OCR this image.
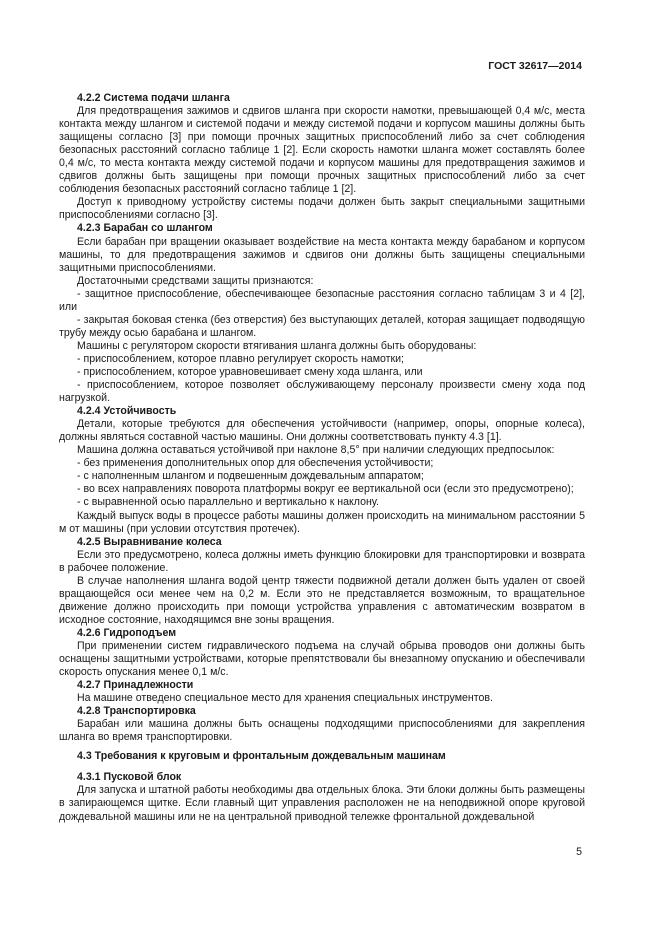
ГОСТ 32617—2014
4.2.2 Система подачи шланга
Для предотвращения зажимов и сдвигов шланга при скорости намотки, превышающей 0,4 м/с, места контакта между шлангом и системой подачи и между системой подачи и корпусом машины должны быть защищены согласно [3] при помощи прочных защитных приспособлений либо за счет соблюдения безопасных расстояний согласно таблице 1 [2]. Если скорость намотки шланга может составлять более 0,4 м/с, то места контакта между системой подачи и корпусом машины для предотвращения зажимов и сдвигов должны быть защищены при помощи прочных защитных приспособлений либо за счет соблюдения безопасных расстояний согласно таблице 1 [2].
Доступ к приводному устройству системы подачи должен быть закрыт специальными защитными приспособлениями согласно [3].
4.2.3 Барабан со шлангом
Если барабан при вращении оказывает воздействие на места контакта между барабаном и корпусом машины, то для предотвращения зажимов и сдвигов они должны быть защищены специальными защитными приспособлениями.
Достаточными средствами защиты признаются:
- защитное приспособление, обеспечивающее безопасные расстояния согласно таблицам 3 и 4 [2], или
- закрытая боковая стенка (без отверстия) без выступающих деталей, которая защищает подводящую трубу между осью барабана и шлангом.
Машины с регулятором скорости втягивания шланга должны быть оборудованы:
- приспособлением, которое плавно регулирует скорость намотки;
- приспособлением, которое уравновешивает смену хода шланга, или
- приспособлением, которое позволяет обслуживающему персоналу произвести смену хода под нагрузкой.
4.2.4 Устойчивость
Детали, которые требуются для обеспечения устойчивости (например, опоры, опорные колеса), должны являться составной частью машины. Они должны соответствовать пункту 4.3 [1].
Машина должна оставаться устойчивой при наклоне 8,5° при наличии следующих предпосылок:
- без применения дополнительных опор для обеспечения устойчивости;
- с наполненным шлангом и подвешенным дождевальным аппаратом;
- во всех направлениях поворота платформы вокруг ее вертикальной оси (если это предусмотрено);
- с выравненной осью параллельно и вертикально к наклону.
Каждый выпуск воды в процессе работы машины должен происходить на минимальном расстоянии 5 м от машины (при условии отсутствия протечек).
4.2.5 Выравнивание колеса
Если это предусмотрено, колеса должны иметь функцию блокировки для транспортировки и возврата в рабочее положение.
В случае наполнения шланга водой центр тяжести подвижной детали должен быть удален от своей вращающейся оси менее чем на 0,2 м. Если это не представляется возможным, то вращательное движение должно происходить при помощи устройства управления с автоматическим возвратом в исходное состояние, находящимся вне зоны вращения.
4.2.6 Гидроподъем
При применении систем гидравлического подъема на случай обрыва проводов они должны быть оснащены защитными устройствами, которые препятствовали бы внезапному опусканию и обеспечивали скорость опускания менее 0,1 м/с.
4.2.7 Принадлежности
На машине отведено специальное место для хранения специальных инструментов.
4.2.8 Транспортировка
Барабан или машина должны быть оснащены подходящими приспособлениями для закрепления шланга во время транспортировки.
4.3 Требования к круговым и фронтальным дождевальным машинам
4.3.1 Пусковой блок
Для запуска и штатной работы необходимы два отдельных блока. Эти блоки должны быть размещены в запирающемся щитке. Если главный щит управления расположен не на неподвижной опоре круговой дождевальной машины или не на центральной приводной тележке фронтальной дождевальной
5
